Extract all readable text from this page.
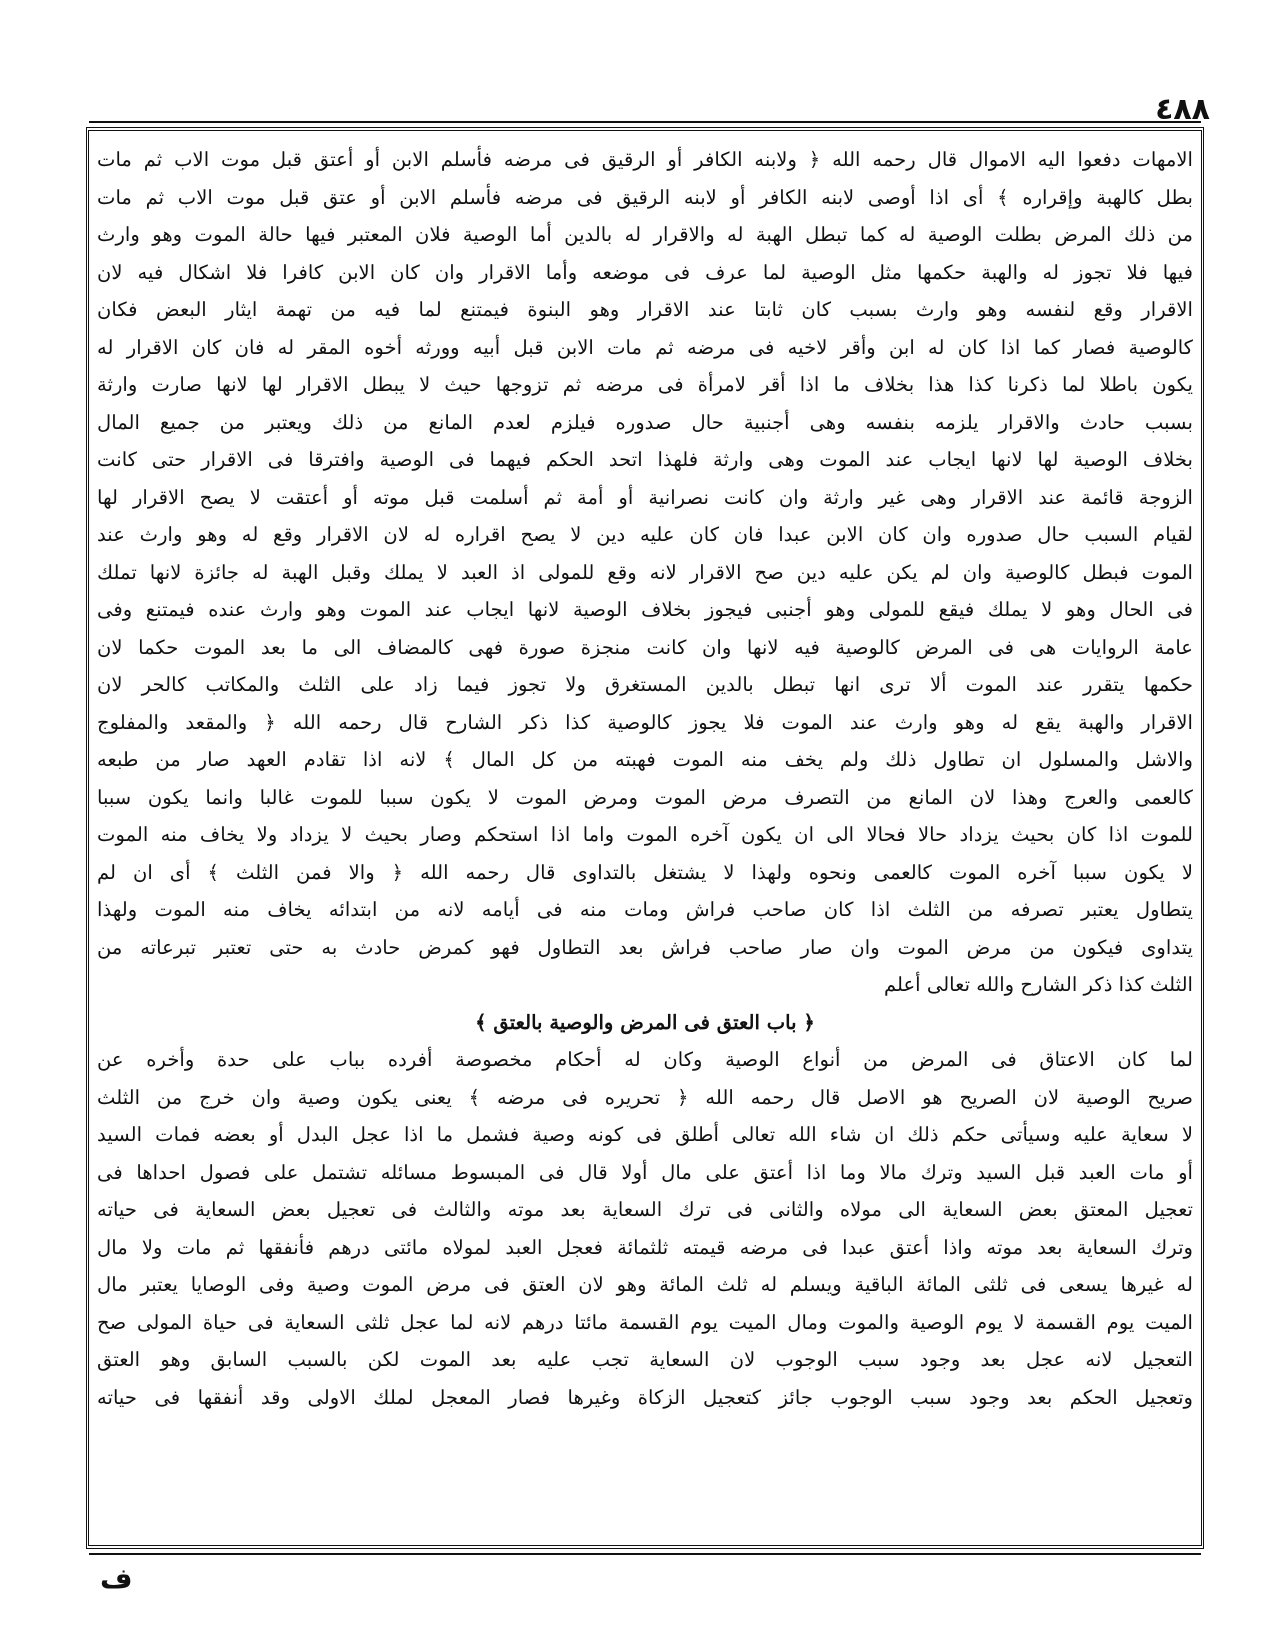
٤٨٨
الامهات دفعوا اليه الاموال قال رحمه الله ﴿ ولابنه الكافر أو الرقيق فى مرضه فأسلم الابن أو أعتق قبل موت الاب ثم مات
بطل كالهبة وإقراره ﴾ أى اذا أوصى لابنه الكافر أو لابنه الرقيق فى مرضه فأسلم الابن أو عتق قبل موت الاب ثم مات
من ذلك المرض بطلت الوصية له كما تبطل الهبة له والاقرار له بالدين أما الوصية فلان المعتبر فيها حالة الموت وهو وارث
فيها فلا تجوز له والهبة حكمها مثل الوصية لما عرف فى موضعه وأما الاقرار وان كان الابن كافرا فلا اشكال فيه لان
الاقرار وقع لنفسه وهو وارث بسبب كان ثابتا عند الاقرار وهو البنوة فيمتنع لما فيه من تهمة ايثار البعض فكان
كالوصية فصار كما اذا كان له ابن وأقر لاخيه فى مرضه ثم مات الابن قبل أبيه وورثه أخوه المقر له فان كان الاقرار له
يكون باطلا لما ذكرنا كذا هذا بخلاف ما اذا أقر لامرأة فى مرضه ثم تزوجها حيث لا يبطل الاقرار لها لانها صارت وارثة
بسبب حادث والاقرار يلزمه بنفسه وهى أجنبية حال صدوره فيلزم لعدم المانع من ذلك ويعتبر من جميع المال
بخلاف الوصية لها لانها ايجاب عند الموت وهى وارثة فلهذا اتحد الحكم فيهما فى الوصية وافترقا فى الاقرار حتى كانت
الزوجة قائمة عند الاقرار وهى غير وارثة وان كانت نصرانية أو أمة ثم أسلمت قبل موته أو أعتقت لا يصح الاقرار لها
لقيام السبب حال صدوره وان كان الابن عبدا فان كان عليه دين لا يصح اقراره له لان الاقرار وقع له وهو وارث عند
الموت فبطل كالوصية وان لم يكن عليه دين صح الاقرار لانه وقع للمولى اذ العبد لا يملك وقبل الهبة له جائزة لانها تملك
فى الحال وهو لا يملك فيقع للمولى وهو أجنبى فيجوز بخلاف الوصية لانها ايجاب عند الموت وهو وارث عنده فيمتنع وفى
عامة الروايات هى فى المرض كالوصية فيه لانها وان كانت منجزة صورة فهى كالمضاف الى ما بعد الموت حكما لان
حكمها يتقرر عند الموت ألا ترى انها تبطل بالدين المستغرق ولا تجوز فيما زاد على الثلث والمكاتب كالحر لان
الاقرار والهبة يقع له وهو وارث عند الموت فلا يجوز كالوصية كذا ذكر الشارح قال رحمه الله ﴿ والمقعد والمفلوج
والاشل والمسلول ان تطاول ذلك ولم يخف منه الموت فهبته من كل المال ﴾ لانه اذا تقادم العهد صار من طبعه
كالعمى والعرج وهذا لان المانع من التصرف مرض الموت ومرض الموت لا يكون سببا للموت غالبا وانما يكون سببا
للموت اذا كان بحيث يزداد حالا فحالا الى ان يكون آخره الموت واما اذا استحكم وصار بحيث لا يزداد ولا يخاف منه الموت
لا يكون سببا آخره الموت كالعمى ونحوه ولهذا لا يشتغل بالتداوى قال رحمه الله ﴿ والا فمن الثلث ﴾ أى ان لم
يتطاول يعتبر تصرفه من الثلث اذا كان صاحب فراش ومات منه فى أيامه لانه من ابتدائه يخاف منه الموت ولهذا
يتداوى فيكون من مرض الموت وان صار صاحب فراش بعد التطاول فهو كمرض حادث به حتى تعتبر تبرعاته من
الثلث كذا ذكر الشارح والله تعالى أعلم
﴿ باب العتق فى المرض والوصية بالعتق ﴾
لما كان الاعتاق فى المرض من أنواع الوصية وكان له أحكام مخصوصة أفرده بباب على حدة وأخره عن
صريح الوصية لان الصريح هو الاصل قال رحمه الله ﴿ تحريره فى مرضه ﴾ يعنى يكون وصية وان خرج من الثلث
لا سعاية عليه وسيأتى حكم ذلك ان شاء الله تعالى أطلق فى كونه وصية فشمل ما اذا عجل البدل أو بعضه فمات السيد
أو مات العبد قبل السيد وترك مالا وما اذا أعتق على مال أولا قال فى المبسوط مسائله تشتمل على فصول احداها فى
تعجيل المعتق بعض السعاية الى مولاه والثانى فى ترك السعاية بعد موته والثالث فى تعجيل بعض السعاية فى حياته
وترك السعاية بعد موته واذا أعتق عبدا فى مرضه قيمته ثلثمائة فعجل العبد لمولاه مائتى درهم فأنفقها ثم مات ولا مال
له غيرها يسعى فى ثلثى المائة الباقية ويسلم له ثلث المائة وهو لان العتق فى مرض الموت وصية وفى الوصايا يعتبر مال
الميت يوم القسمة لا يوم الوصية والموت ومال الميت يوم القسمة مائتا درهم لانه لما عجل ثلثى السعاية فى حياة المولى صح
التعجيل لانه عجل بعد وجود سبب الوجوب لان السعاية تجب عليه بعد الموت لكن بالسبب السابق وهو العتق
وتعجيل الحكم بعد وجود سبب الوجوب جائز كتعجيل الزكاة وغيرها فصار المعجل لملك الاولى وقد أنفقها فى حياته
ف
